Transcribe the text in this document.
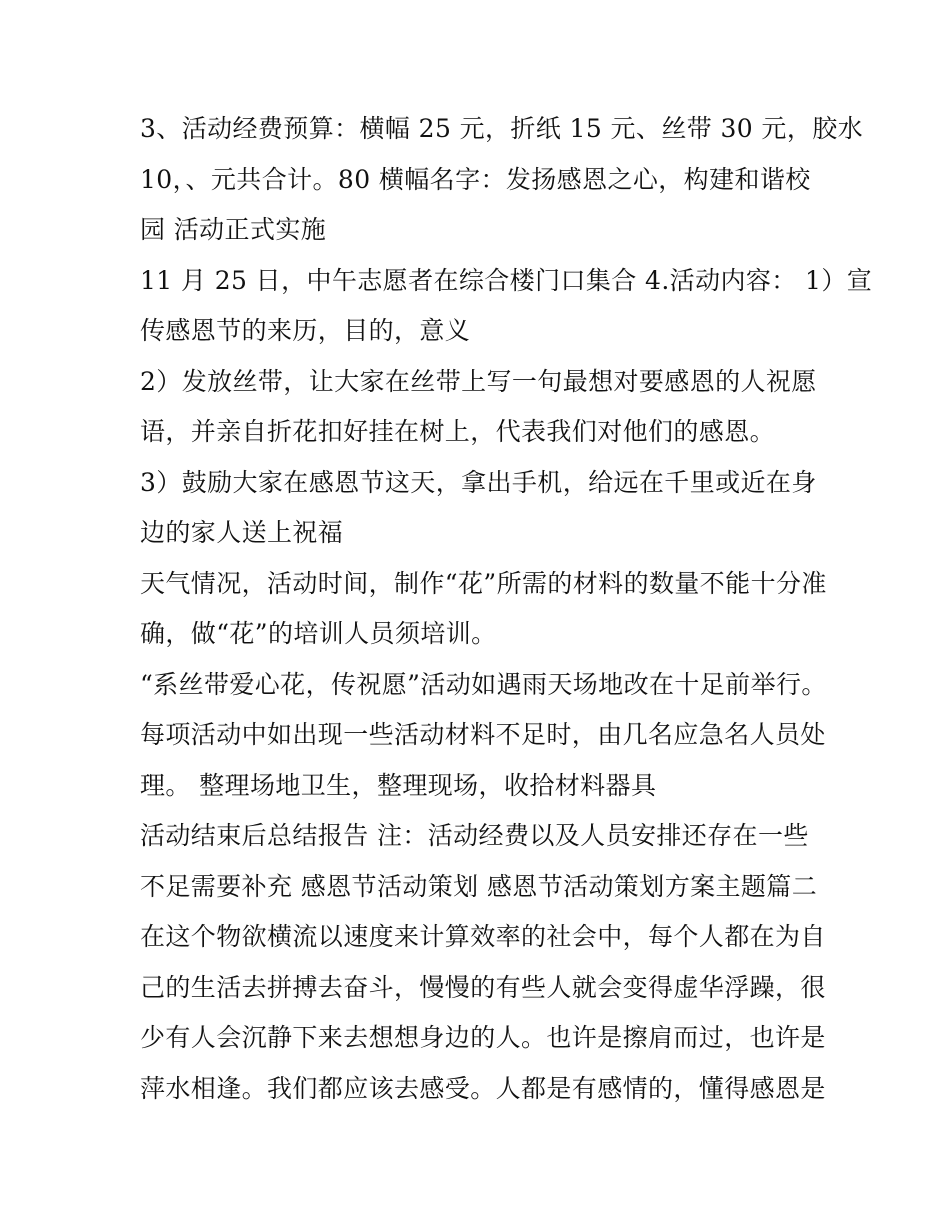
3、活动经费预算：横幅 25 元，折纸 15 元、丝带 30 元，胶水
10，、元共合计。80 横幅名字：发扬感恩之心，构建和谐校
园 活动正式实施
11 月 25 日，中午志愿者在综合楼门口集合 4.活动内容： 1）宣
传感恩节的来历，目的，意义
2）发放丝带，让大家在丝带上写一句最想对要感恩的人祝愿
语，并亲自折花扣好挂在树上，代表我们对他们的感恩。
3）鼓励大家在感恩节这天，拿出手机，给远在千里或近在身
边的家人送上祝福
天气情况，活动时间，制作“花”所需的材料的数量不能十分准
确，做“花”的培训人员须培训。
“系丝带爱心花，传祝愿”活动如遇雨天场地改在十足前举行。
每项活动中如出现一些活动材料不足时，由几名应急名人员处
理。 整理场地卫生，整理现场，收拾材料器具
活动结束后总结报告 注：活动经费以及人员安排还存在一些
不足需要补充 感恩节活动策划 感恩节活动策划方案主题篇二
在这个物欲横流以速度来计算效率的社会中，每个人都在为自
己的生活去拼搏去奋斗，慢慢的有些人就会变得虚华浮躁，很
少有人会沉静下来去想想身边的人。也许是擦肩而过，也许是
萍水相逢。我们都应该去感受。人都是有感情的，懂得感恩是
